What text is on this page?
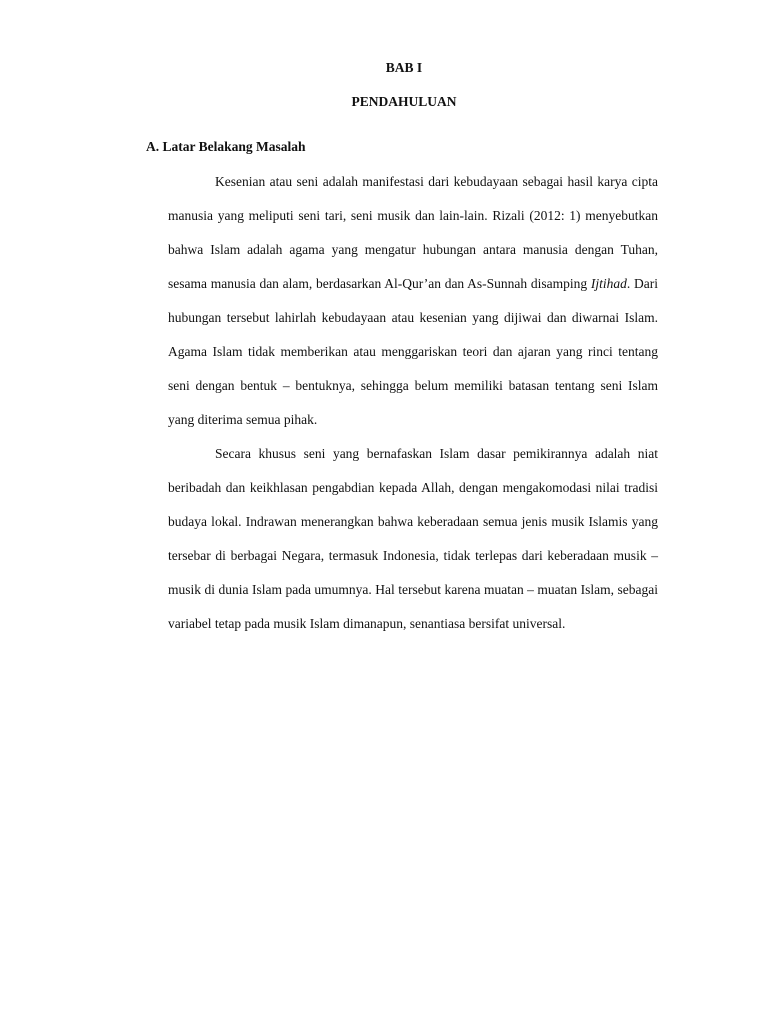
BAB I
PENDAHULUAN
A. Latar Belakang Masalah

Kesenian atau seni adalah manifestasi dari kebudayaan sebagai hasil karya cipta manusia yang meliputi seni tari, seni musik dan lain-lain. Rizali (2012: 1) menyebutkan bahwa Islam adalah agama yang mengatur hubungan antara manusia dengan Tuhan, sesama manusia dan alam, berdasarkan Al-Qur’an dan As-Sunnah disamping Ijtihad. Dari hubungan tersebut lahirlah kebudayaan atau kesenian yang dijiwai dan diwarnai Islam. Agama Islam tidak memberikan atau menggariskan teori dan ajaran yang rinci tentang seni dengan bentuk – bentuknya, sehingga belum memiliki batasan tentang seni Islam yang diterima semua pihak.

Secara khusus seni yang bernafaskan Islam dasar pemikirannya adalah niat beribadah dan keikhlasan pengabdian kepada Allah, dengan mengakomodasi nilai tradisi budaya lokal. Indrawan menerangkan bahwa keberadaan semua jenis musik Islamis yang tersebar di berbagai Negara, termasuk Indonesia, tidak terlepas dari keberadaan musik – musik di dunia Islam pada umumnya. Hal tersebut karena muatan – muatan Islam, sebagai variabel tetap pada musik Islam dimanapun, senantiasa bersifat universal.
